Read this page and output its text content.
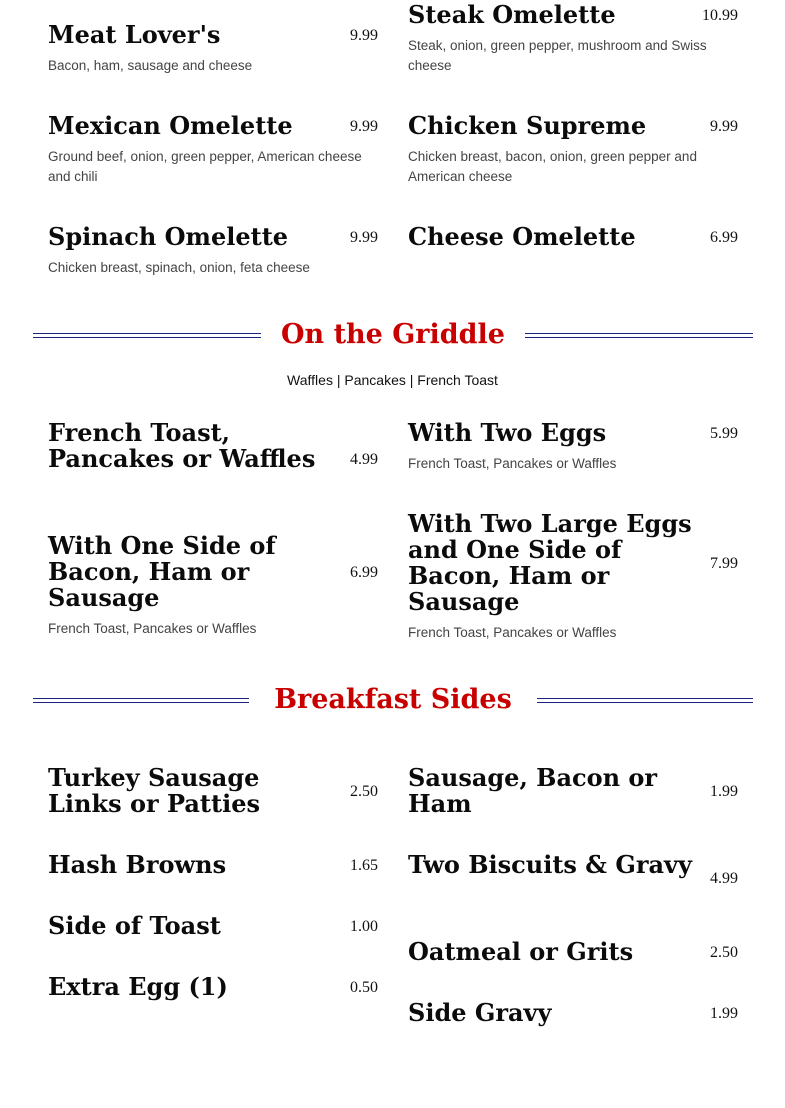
Meat Lover's	9.99
Bacon, ham, sausage and cheese
Steak Omelette	10.99
Steak, onion, green pepper, mushroom and Swiss cheese
Mexican Omelette	9.99
Ground beef, onion, green pepper, American cheese and chili
Chicken Supreme	9.99
Chicken breast, bacon, onion, green pepper and American cheese
Spinach Omelette	9.99
Chicken breast, spinach, onion, feta cheese
Cheese Omelette	6.99
On the Griddle
Waffles | Pancakes | French Toast
French Toast, Pancakes or Waffles	4.99
With Two Eggs	5.99
French Toast, Pancakes or Waffles
With One Side of Bacon, Ham or Sausage
6.99
French Toast, Pancakes or Waffles
With Two Large Eggs and One Side of Bacon, Ham or Sausage
7.99
French Toast, Pancakes or Waffles
Breakfast Sides
Turkey Sausage Links or Patties	2.50 Sausage, Bacon or Ham	1.99
Hash Browns	1.65 Two Biscuits & Gravy 4.99
Side of Toast	1.00
Oatmeal or Grits	2.50
Extra Egg (1)	0.50
Side Gravy	1.99
